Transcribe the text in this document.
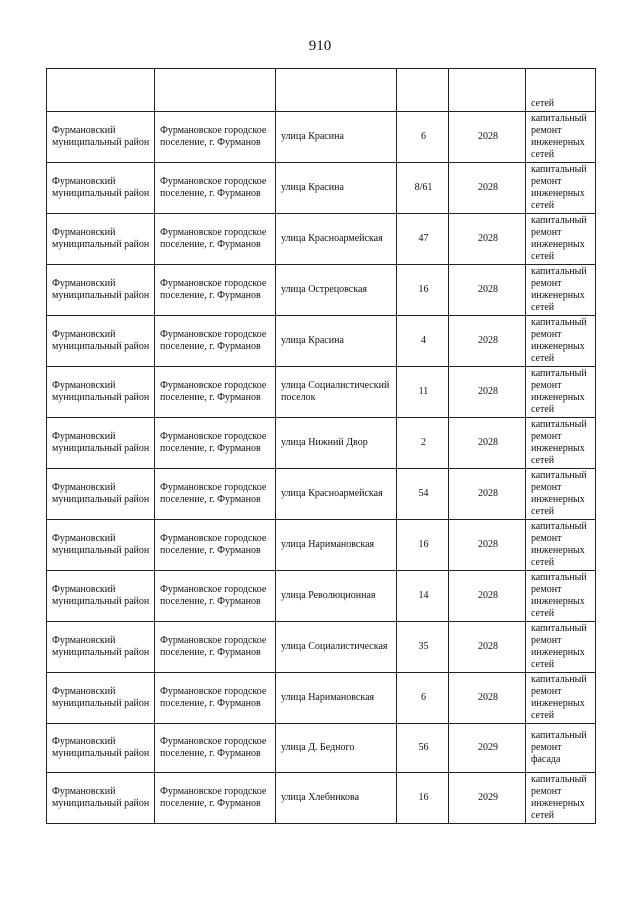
910
					сетей
Фурмановский муниципальный район	Фурмановское городское поселение, г. Фурманов	улица Красина	6	2028	капитальный ремонт инженерных сетей
Фурмановский муниципальный район	Фурмановское городское поселение, г. Фурманов	улица Красина	8/61	2028	капитальный ремонт инженерных сетей
Фурмановский муниципальный район	Фурмановское городское поселение, г. Фурманов	улица Красноармейская	47	2028	капитальный ремонт инженерных сетей
Фурмановский муниципальный район	Фурмановское городское поселение, г. Фурманов	улица Острецовская	16	2028	капитальный ремонт инженерных сетей
Фурмановский муниципальный район	Фурмановское городское поселение, г. Фурманов	улица Красина	4	2028	капитальный ремонт инженерных сетей
Фурмановский муниципальный район	Фурмановское городское поселение, г. Фурманов	улица Социалистический поселок	11	2028	капитальный ремонт инженерных сетей
Фурмановский муниципальный район	Фурмановское городское поселение, г. Фурманов	улица Нижний Двор	2	2028	капитальный ремонт инженерных сетей
Фурмановский муниципальный район	Фурмановское городское поселение, г. Фурманов	улица Красноармейская	54	2028	капитальный ремонт инженерных сетей
Фурмановский муниципальный район	Фурмановское городское поселение, г. Фурманов	улица Наримановская	16	2028	капитальный ремонт инженерных сетей
Фурмановский муниципальный район	Фурмановское городское поселение, г. Фурманов	улица Революционная	14	2028	капитальный ремонт инженерных сетей
Фурмановский муниципальный район	Фурмановское городское поселение, г. Фурманов	улица Социалистическая	35	2028	капитальный ремонт инженерных сетей
Фурмановский муниципальный район	Фурмановское городское поселение, г. Фурманов	улица Наримановская	6	2028	капитальный ремонт инженерных сетей
Фурмановский муниципальный район	Фурмановское городское поселение, г. Фурманов	улица Д. Бедного	56	2029	капитальный ремонт фасада
Фурмановский муниципальный район	Фурмановское городское поселение, г. Фурманов	улица Хлебникова	16	2029	капитальный ремонт инженерных сетей
